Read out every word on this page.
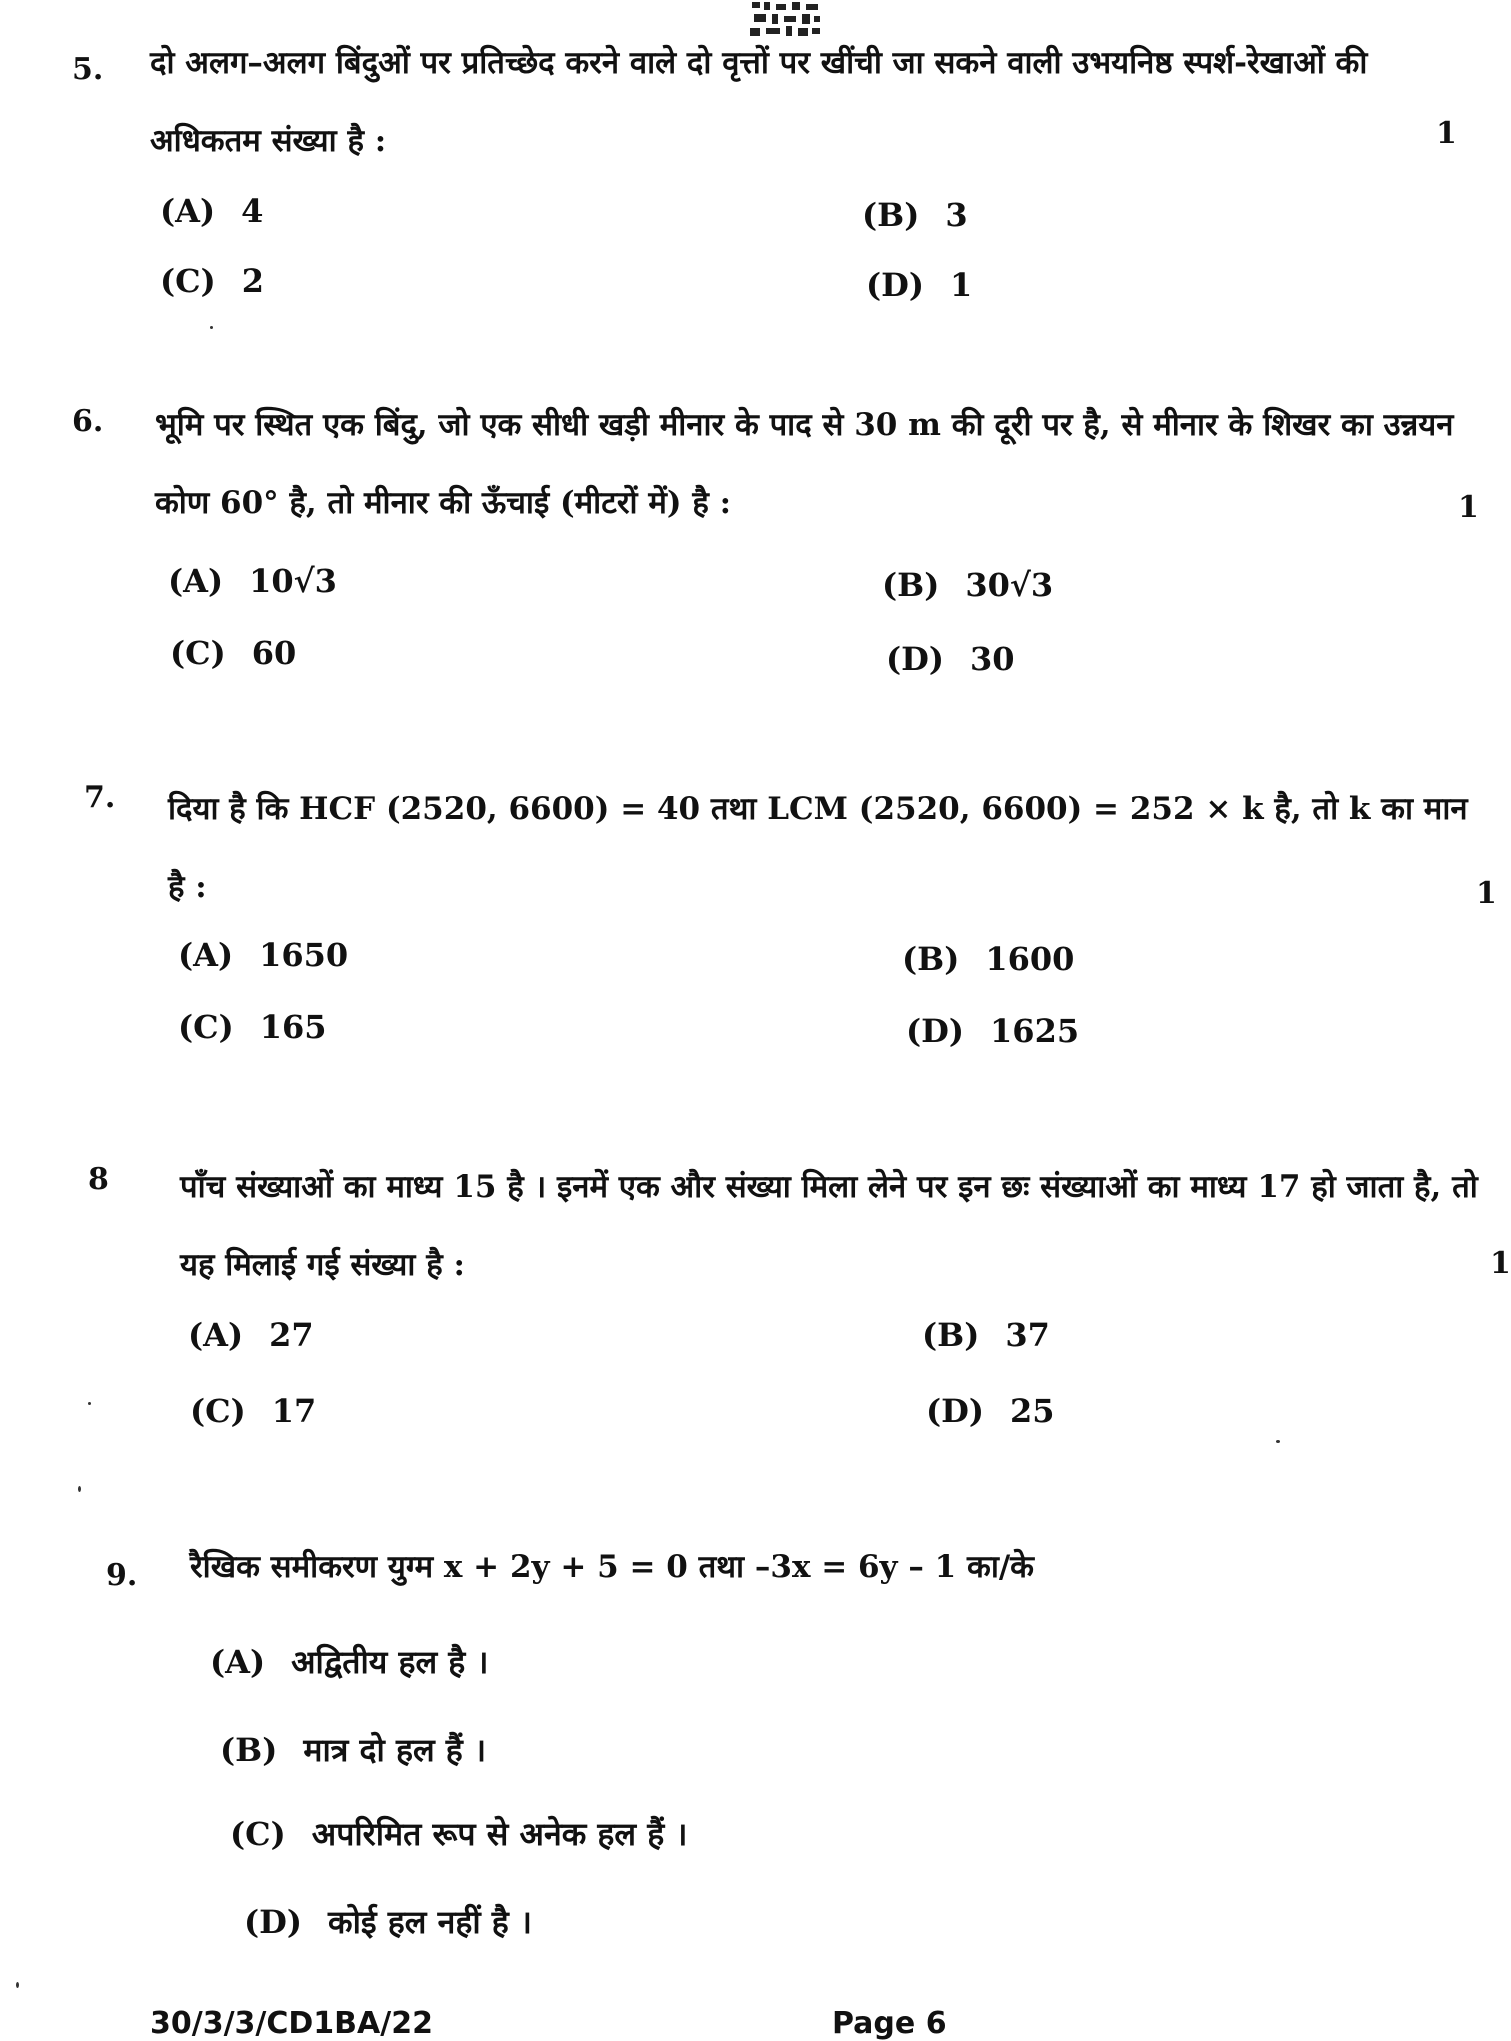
5. दो अलग–अलग बिंदुओं पर प्रतिच्छेद करने वाले दो वृत्तों पर खींची जा सकने वाली उभयनिष्ठ स्पर्श-रेखाओं की अधिकतम संख्या है :	1
(A) 4	(B) 3
(C) 2	(D) 1
6. भूमि पर स्थित एक बिंदु, जो एक सीधी खड़ी मीनार के पाद से 30 m की दूरी पर है, से मीनार के शिखर का उन्नयन कोण 60° है, तो मीनार की ऊँचाई (मीटरों में) है :	1
(A) 10√3	(B) 30√3
(C) 60	(D) 30
7. दिया है कि HCF (2520, 6600) = 40 तथा LCM (2520, 6600) = 252 × k है, तो k का मान है :	1
(A) 1650	(B) 1600
(C) 165	(D) 1625
8 पाँच संख्याओं का माध्य 15 है । इनमें एक और संख्या मिला लेने पर इन छः संख्याओं का माध्य 17 हो जाता है, तो यह मिलाई गई संख्या है :	1
(A) 27	(B) 37
(C) 17	(D) 25
9. रैखिक समीकरण युग्म x + 2y + 5 = 0 तथा –3x = 6y – 1 का/के
(A) अद्वितीय हल है ।
(B) मात्र दो हल हैं ।
(C) अपरिमित रूप से अनेक हल हैं ।
(D) कोई हल नहीं है ।
30/3/3/CD1BA/22	Page 6
